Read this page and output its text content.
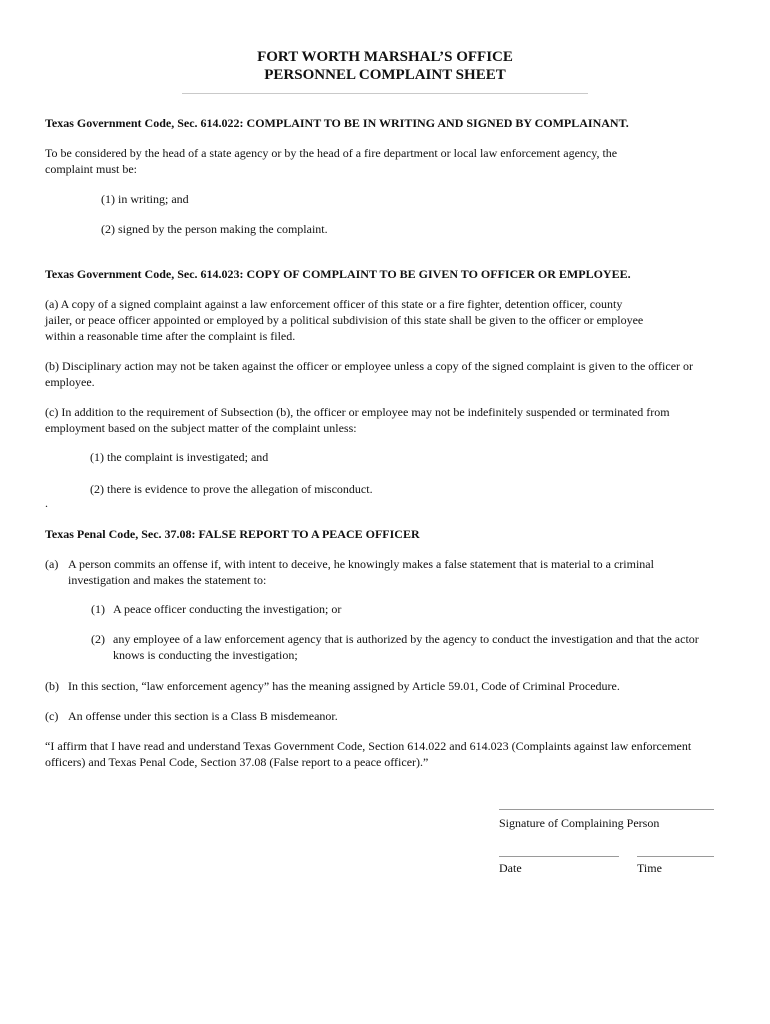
FORT WORTH MARSHAL’S OFFICE
PERSONNEL COMPLAINT SHEET
Texas Government Code, Sec. 614.022: COMPLAINT TO BE IN WRITING AND SIGNED BY COMPLAINANT.
To be considered by the head of a state agency or by the head of a fire department or local law enforcement agency, the complaint must be:
(1) in writing; and
(2) signed by the person making the complaint.
Texas Government Code, Sec. 614.023: COPY OF COMPLAINT TO BE GIVEN TO OFFICER OR EMPLOYEE.
(a) A copy of a signed complaint against a law enforcement officer of this state or a fire fighter, detention officer, county
jailer, or peace officer appointed or employed by a political subdivision of this state shall be given to the officer or employee
within a reasonable time after the complaint is filed.
(b) Disciplinary action may not be taken against the officer or employee unless a copy of the signed complaint is given to the officer or employee.
(c) In addition to the requirement of Subsection (b), the officer or employee may not be indefinitely suspended or terminated from employment based on the subject matter of the complaint unless:
(1) the complaint is investigated; and
(2) there is evidence to prove the allegation of misconduct.
.
Texas Penal Code, Sec. 37.08: FALSE REPORT TO A PEACE OFFICER
(a) A person commits an offense if, with intent to deceive, he knowingly makes a false statement that is material to a criminal investigation and makes the statement to:
(1) A peace officer conducting the investigation; or
(2) any employee of a law enforcement agency that is authorized by the agency to conduct the investigation and that the actor knows is conducting the investigation;
(b) In this section, “law enforcement agency” has the meaning assigned by Article 59.01, Code of Criminal Procedure.
(c) An offense under this section is a Class B misdemeanor.
“I affirm that I have read and understand Texas Government Code, Section 614.022 and 614.023 (Complaints against law enforcement officers) and Texas Penal Code, Section 37.08 (False report to a peace officer).”
Signature of Complaining Person
Date	Time
